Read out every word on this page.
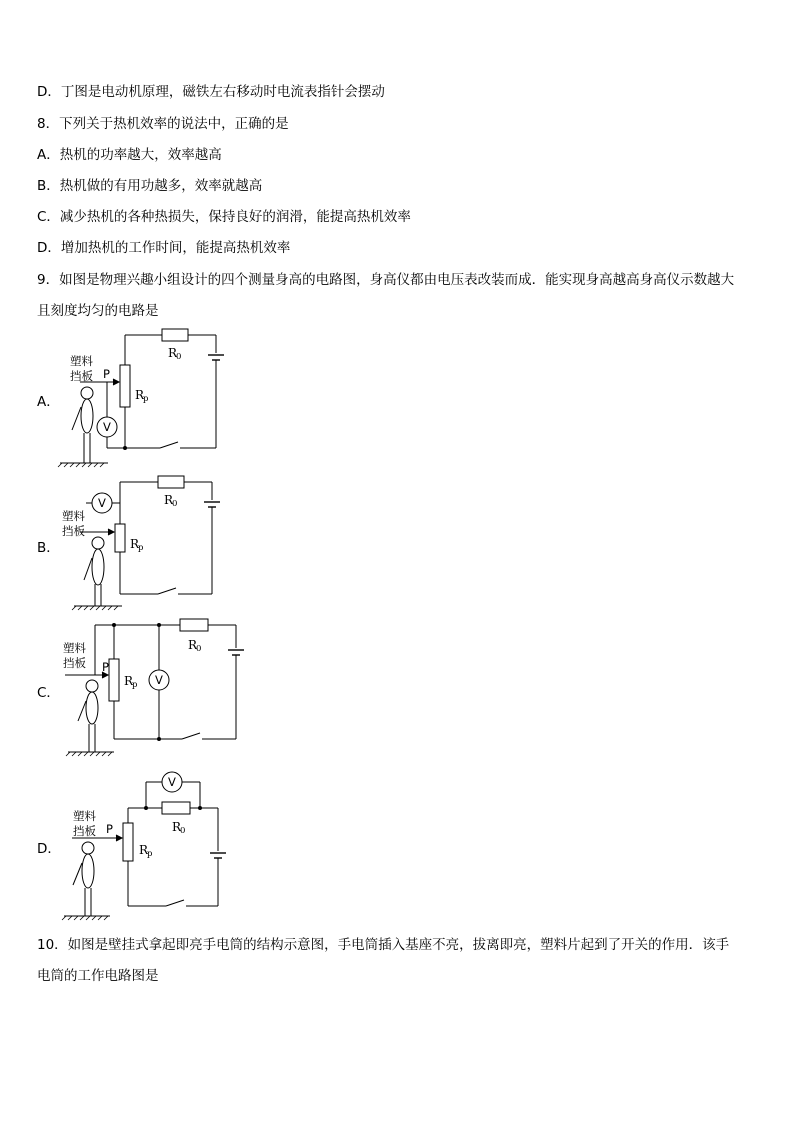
D．丁图是电动机原理，磁铁左右移动时电流表指针会摆动
8．下列关于热机效率的说法中，正确的是
A．热机的功率越大，效率越高
B．热机做的有用功越多，效率就越高
C．减少热机的各种热损失，保持良好的润滑，能提高热机效率
D．增加热机的工作时间，能提高热机效率
9．如图是物理兴趣小组设计的四个测量身高的电路图，身高仪都由电压表改装而成．能实现身高越高身高仪示数越大
且刻度均匀的电路是
A．
塑料
挡板 P
R
0
R
p
V
B．
塑料
挡板
R
0
R
p
V
C．
塑料
挡板
R
0
P
R
p V
D．
塑料
挡板 P	R
0
R
p
V
10．如图是壁挂式拿起即亮手电筒的结构示意图，手电筒插入基座不亮，拔离即亮，塑料片起到了开关的作用．该手
电筒的工作电路图是
